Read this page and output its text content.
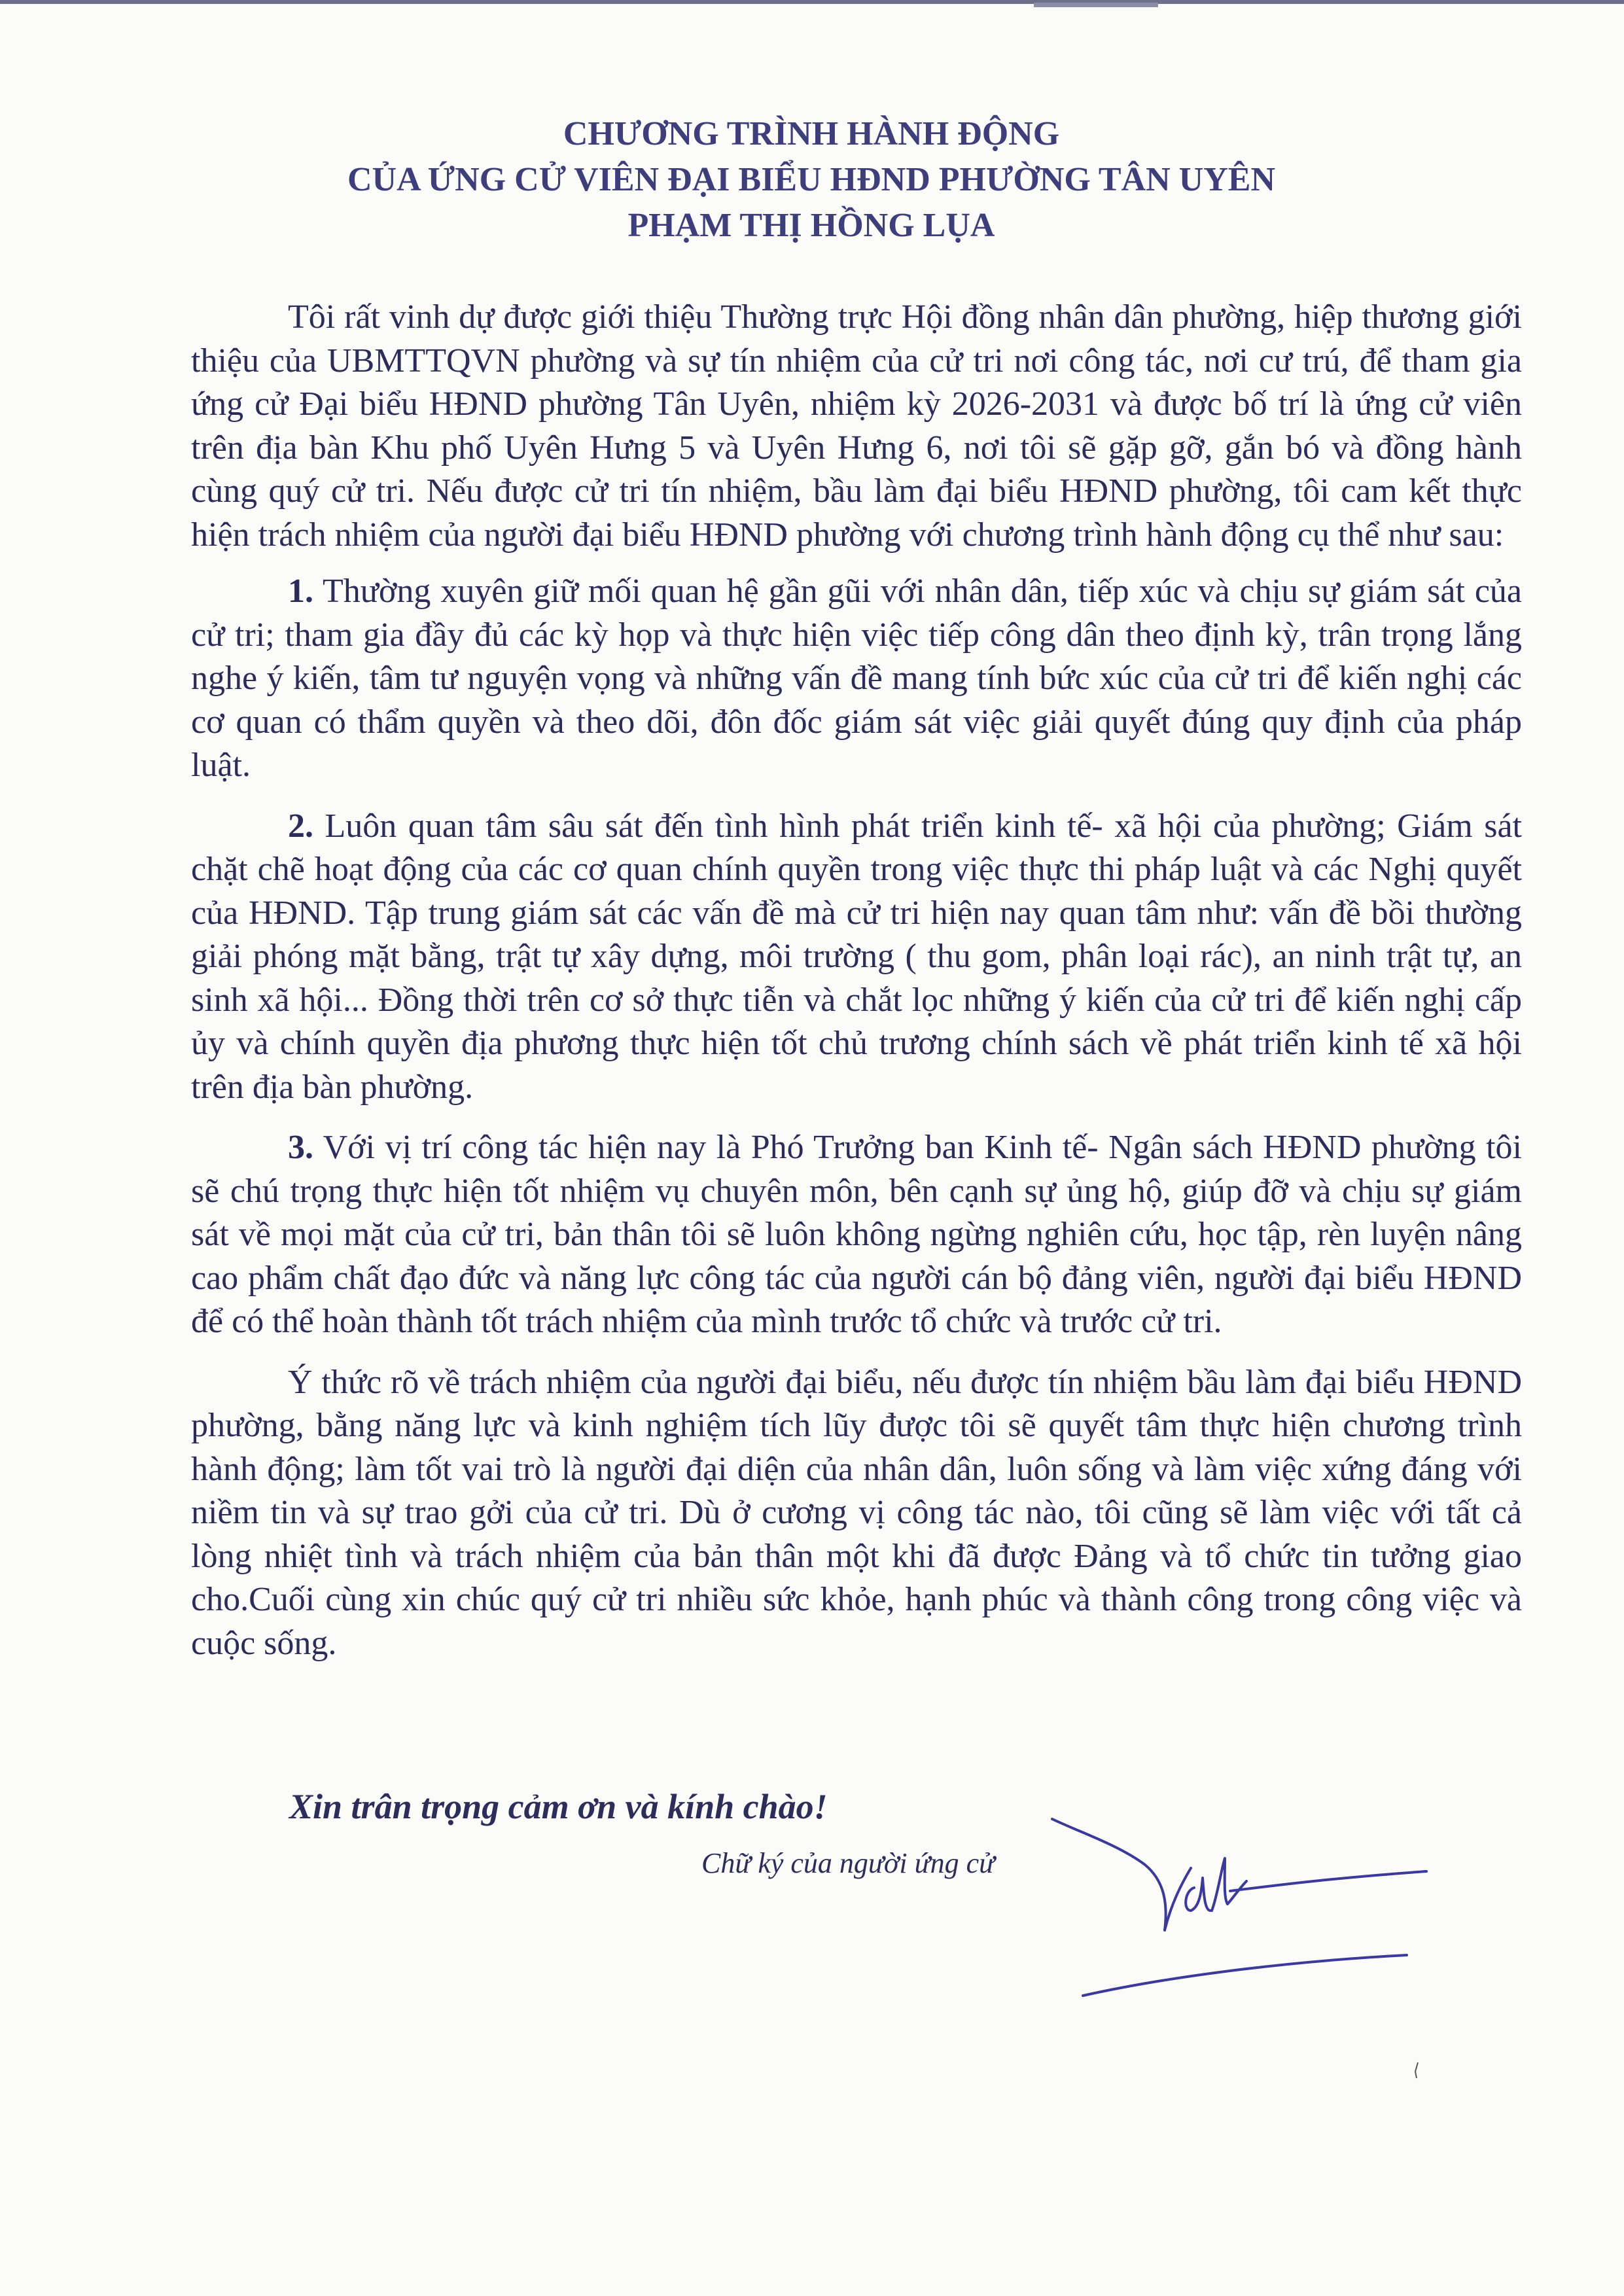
CHƯƠNG TRÌNH HÀNH ĐỘNG
CỦA ỨNG CỬ VIÊN ĐẠI BIỂU HĐND PHƯỜNG TÂN UYÊN
PHẠM THỊ HỒNG LỤA

Tôi rất vinh dự được giới thiệu Thường trực Hội đồng nhân dân phường, hiệp thương giới thiệu của UBMTTQVN phường và sự tín nhiệm của cử tri nơi công tác, nơi cư trú, để tham gia ứng cử Đại biểu HĐND phường Tân Uyên, nhiệm kỳ 2026-2031 và được bố trí là ứng cử viên trên địa bàn Khu phố Uyên Hưng 5 và Uyên Hưng 6, nơi tôi sẽ gặp gỡ, gắn bó và đồng hành cùng quý cử tri. Nếu được cử tri tín nhiệm, bầu làm đại biểu HĐND phường, tôi cam kết thực hiện trách nhiệm của người đại biểu HĐND phường với chương trình hành động cụ thể như sau:

1. Thường xuyên giữ mối quan hệ gần gũi với nhân dân, tiếp xúc và chịu sự giám sát của cử tri; tham gia đầy đủ các kỳ họp và thực hiện việc tiếp công dân theo định kỳ, trân trọng lắng nghe ý kiến, tâm tư nguyện vọng và những vấn đề mang tính bức xúc của cử tri để kiến nghị các cơ quan có thẩm quyền và theo dõi, đôn đốc giám sát việc giải quyết đúng quy định của pháp luật.

2. Luôn quan tâm sâu sát đến tình hình phát triển kinh tế- xã hội của phường; Giám sát chặt chẽ hoạt động của các cơ quan chính quyền trong việc thực thi pháp luật và các Nghị quyết của HĐND. Tập trung giám sát các vấn đề mà cử tri hiện nay quan tâm như: vấn đề bồi thường giải phóng mặt bằng, trật tự xây dựng, môi trường ( thu gom, phân loại rác), an ninh trật tự, an sinh xã hội... Đồng thời trên cơ sở thực tiễn và chắt lọc những ý kiến của cử tri để kiến nghị cấp ủy và chính quyền địa phương thực hiện tốt chủ trương chính sách về phát triển kinh tế xã hội trên địa bàn phường.

3. Với vị trí công tác hiện nay là Phó Trưởng ban Kinh tế- Ngân sách HĐND phường tôi sẽ chú trọng thực hiện tốt nhiệm vụ chuyên môn, bên cạnh sự ủng hộ, giúp đỡ và chịu sự giám sát về mọi mặt của cử tri, bản thân tôi sẽ luôn không ngừng nghiên cứu, học tập, rèn luyện nâng cao phẩm chất đạo đức và năng lực công tác của người cán bộ đảng viên, người đại biểu HĐND để có thể hoàn thành tốt trách nhiệm của mình trước tổ chức và trước cử tri.

Ý thức rõ về trách nhiệm của người đại biểu, nếu được tín nhiệm bầu làm đại biểu HĐND phường, bằng năng lực và kinh nghiệm tích lũy được tôi sẽ quyết tâm thực hiện chương trình hành động; làm tốt vai trò là người đại diện của nhân dân, luôn sống và làm việc xứng đáng với niềm tin và sự trao gởi của cử tri. Dù ở cương vị công tác nào, tôi cũng sẽ làm việc với tất cả lòng nhiệt tình và trách nhiệm của bản thân một khi đã được Đảng và tổ chức tin tưởng giao cho.Cuối cùng xin chúc quý cử tri nhiều sức khỏe, hạnh phúc và thành công trong công việc và cuộc sống.

Xin trân trọng cảm ơn và kính chào!
Chữ ký của người ứng cử
